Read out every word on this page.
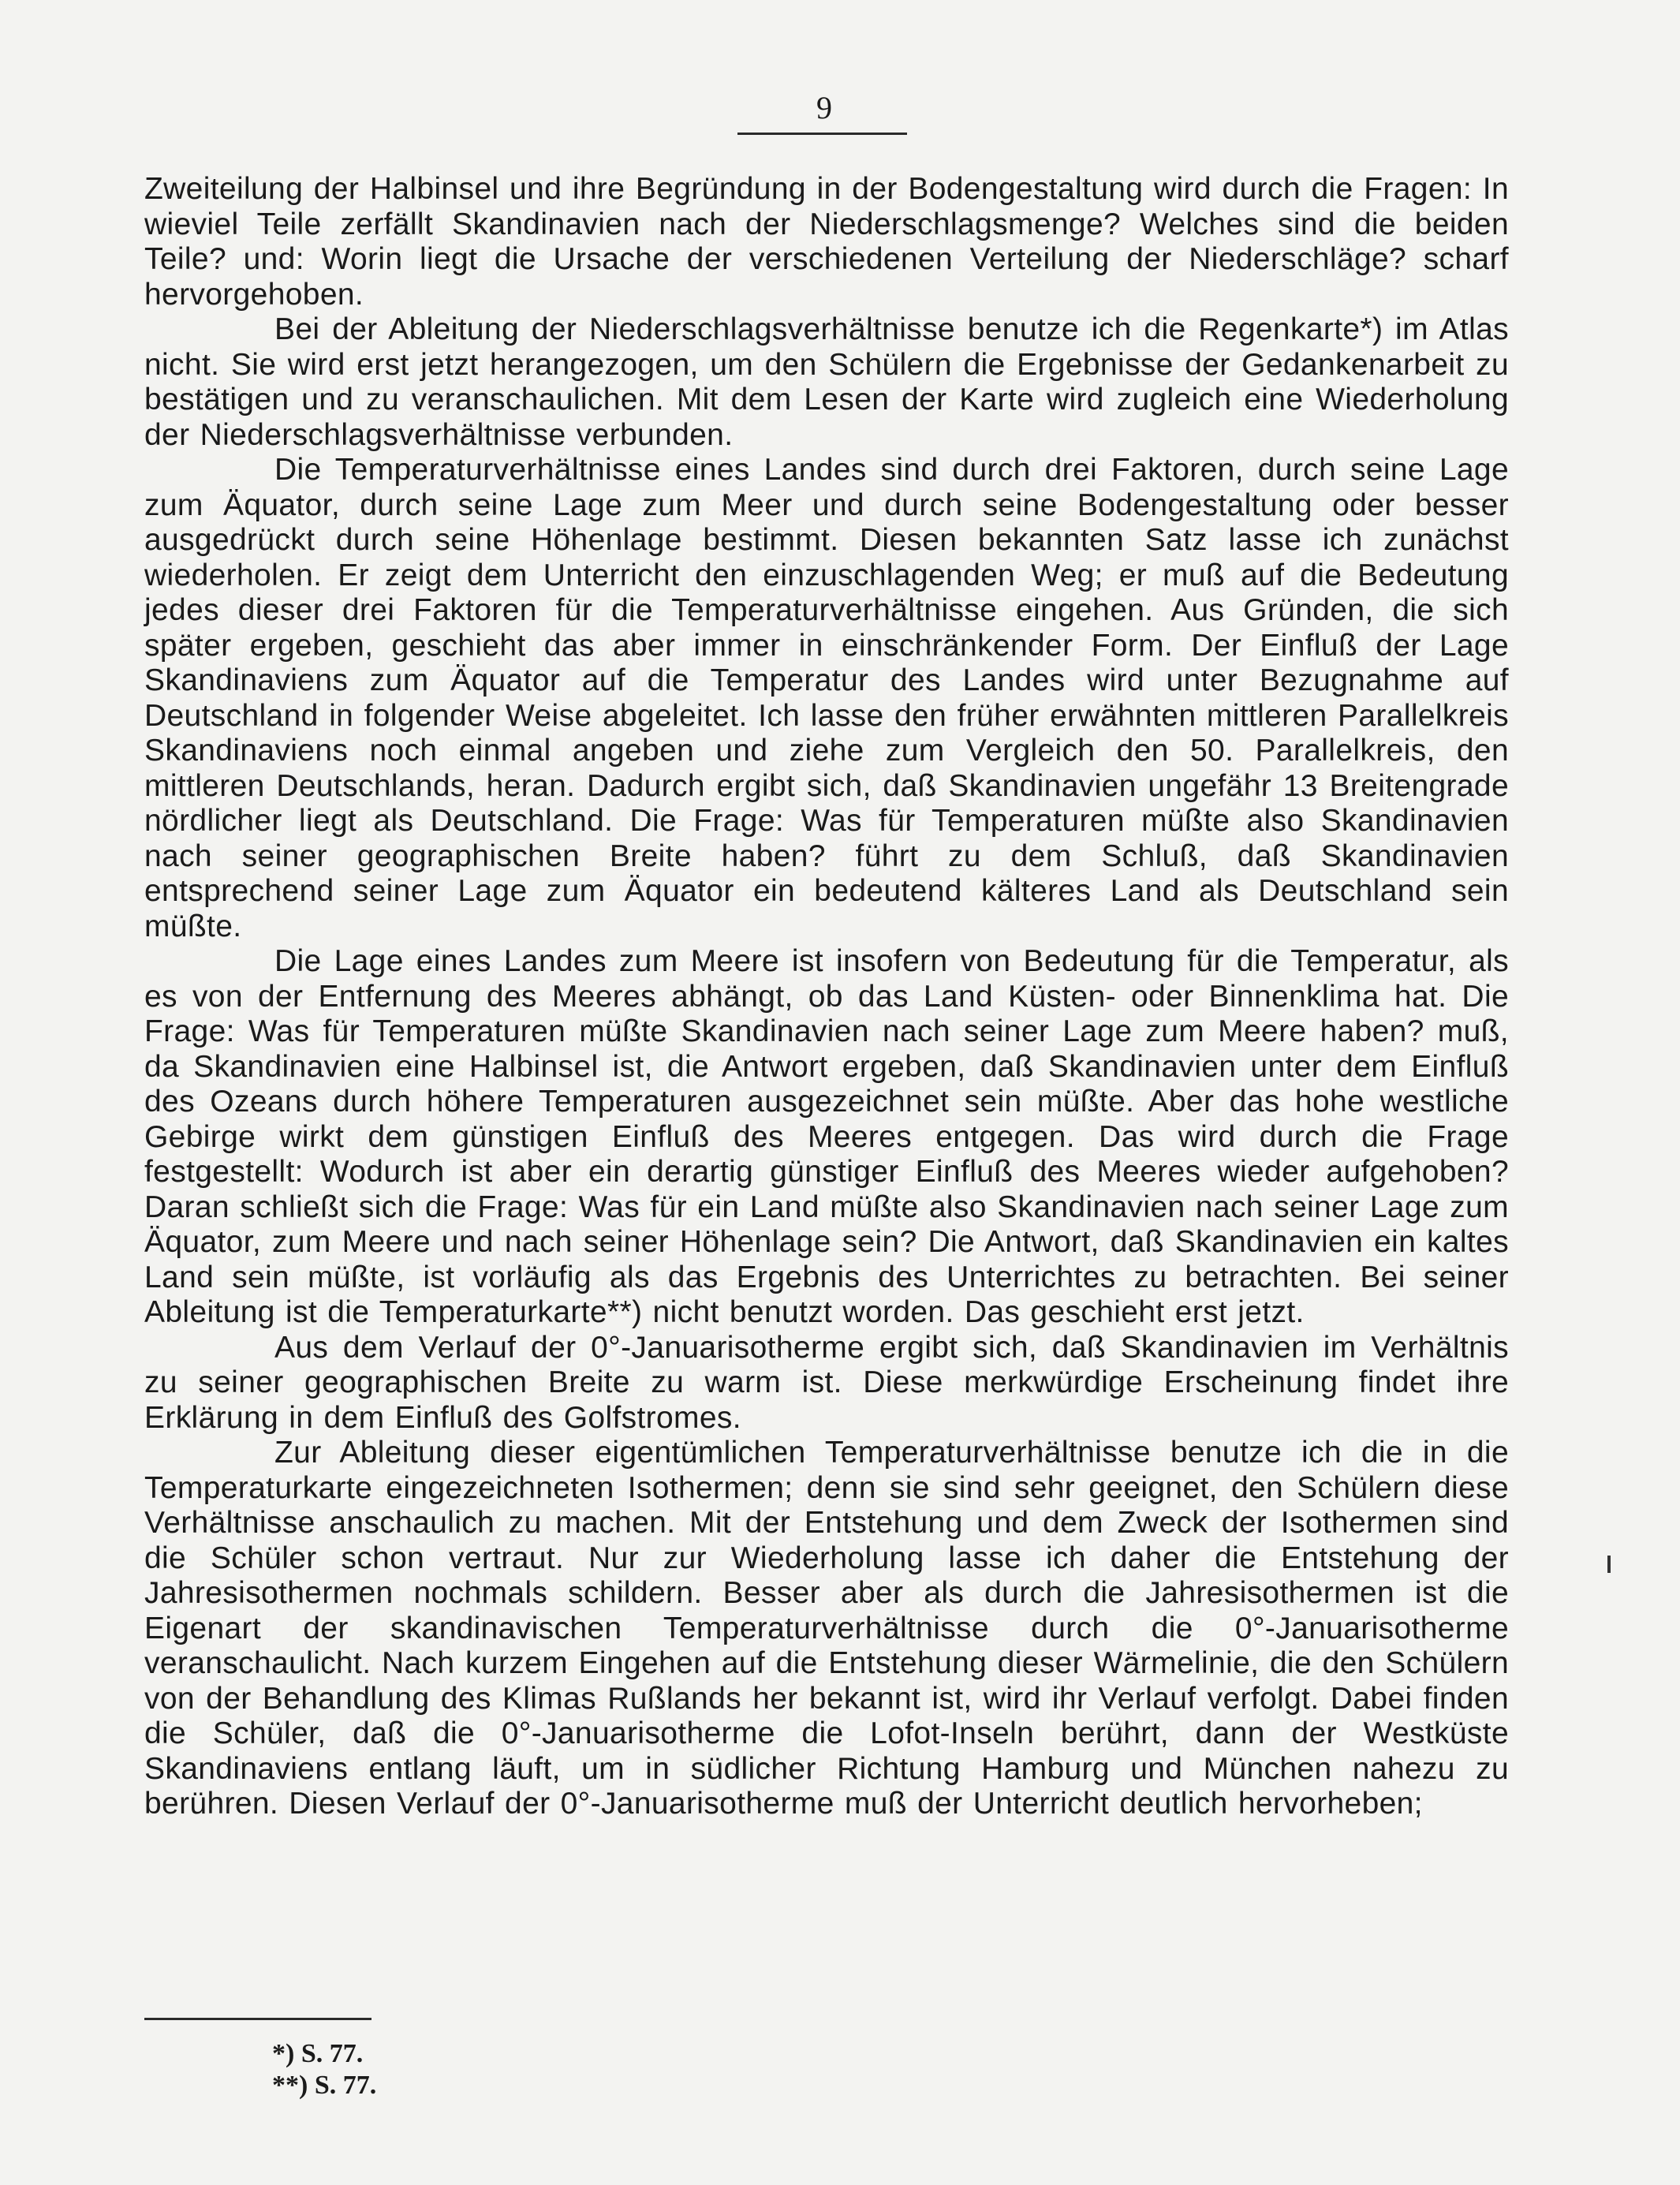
9

Zweiteilung der Halbinsel und ihre Begründung in der Bodengestaltung wird durch die Fragen: In wieviel Teile zerfällt Skandinavien nach der Niederschlagsmenge? Welches sind die beiden Teile? und: Worin liegt die Ursache der verschiedenen Verteilung der Niederschläge? scharf hervorgehoben.

Bei der Ableitung der Niederschlagsverhältnisse benutze ich die Regenkarte*) im Atlas nicht. Sie wird erst jetzt herangezogen, um den Schülern die Ergebnisse der Gedankenarbeit zu bestätigen und zu veranschaulichen. Mit dem Lesen der Karte wird zugleich eine Wiederholung der Niederschlagsverhältnisse verbunden.

Die Temperaturverhältnisse eines Landes sind durch drei Faktoren, durch seine Lage zum Äquator, durch seine Lage zum Meer und durch seine Bodengestaltung oder besser ausgedrückt durch seine Höhenlage bestimmt. Diesen bekannten Satz lasse ich zunächst wiederholen. Er zeigt dem Unterricht den einzuschlagenden Weg; er muß auf die Bedeutung jedes dieser drei Faktoren für die Temperaturverhältnisse eingehen. Aus Gründen, die sich später ergeben, geschieht das aber immer in einschränkender Form. Der Einfluß der Lage Skandinaviens zum Äquator auf die Temperatur des Landes wird unter Bezugnahme auf Deutschland in folgender Weise abgeleitet. Ich lasse den früher erwähnten mittleren Parallelkreis Skandinaviens noch einmal angeben und ziehe zum Vergleich den 50. Parallelkreis, den mittleren Deutschlands, heran. Dadurch ergibt sich, daß Skandinavien ungefähr 13 Breitengrade nördlicher liegt als Deutschland. Die Frage: Was für Temperaturen müßte also Skandinavien nach seiner geographischen Breite haben? führt zu dem Schluß, daß Skandinavien entsprechend seiner Lage zum Äquator ein bedeutend kälteres Land als Deutschland sein müßte.

Die Lage eines Landes zum Meere ist insofern von Bedeutung für die Temperatur, als es von der Entfernung des Meeres abhängt, ob das Land Küsten- oder Binnenklima hat. Die Frage: Was für Temperaturen müßte Skandinavien nach seiner Lage zum Meere haben? muß, da Skandinavien eine Halbinsel ist, die Antwort ergeben, daß Skandinavien unter dem Einfluß des Ozeans durch höhere Temperaturen ausgezeichnet sein müßte. Aber das hohe westliche Gebirge wirkt dem günstigen Einfluß des Meeres entgegen. Das wird durch die Frage festgestellt: Wodurch ist aber ein derartig günstiger Einfluß des Meeres wieder aufgehoben? Daran schließt sich die Frage: Was für ein Land müßte also Skandinavien nach seiner Lage zum Äquator, zum Meere und nach seiner Höhenlage sein? Die Antwort, daß Skandinavien ein kaltes Land sein müßte, ist vorläufig als das Ergebnis des Unterrichtes zu betrachten. Bei seiner Ableitung ist die Temperaturkarte**) nicht benutzt worden. Das geschieht erst jetzt.

Aus dem Verlauf der 0°-Januarisotherme ergibt sich, daß Skandinavien im Verhältnis zu seiner geographischen Breite zu warm ist. Diese merkwürdige Erscheinung findet ihre Erklärung in dem Einfluß des Golfstromes.

Zur Ableitung dieser eigentümlichen Temperaturverhältnisse benutze ich die in die Temperaturkarte eingezeichneten Isothermen; denn sie sind sehr geeignet, den Schülern diese Verhältnisse anschaulich zu machen. Mit der Entstehung und dem Zweck der Isothermen sind die Schüler schon vertraut. Nur zur Wiederholung lasse ich daher die Entstehung der Jahresisothermen nochmals schildern. Besser aber als durch die Jahresisothermen ist die Eigenart der skandinavischen Temperaturverhältnisse durch die 0°-Januarisotherme veranschaulicht. Nach kurzem Eingehen auf die Entstehung dieser Wärmelinie, die den Schülern von der Behandlung des Klimas Rußlands her bekannt ist, wird ihr Verlauf verfolgt. Dabei finden die Schüler, daß die 0°-Januarisotherme die Lofot-Inseln berührt, dann der Westküste Skandinaviens entlang läuft, um in südlicher Richtung Hamburg und München nahezu zu berühren. Diesen Verlauf der 0°-Januarisotherme muß der Unterricht deutlich hervorheben;

*) S. 77.
**) S. 77.
